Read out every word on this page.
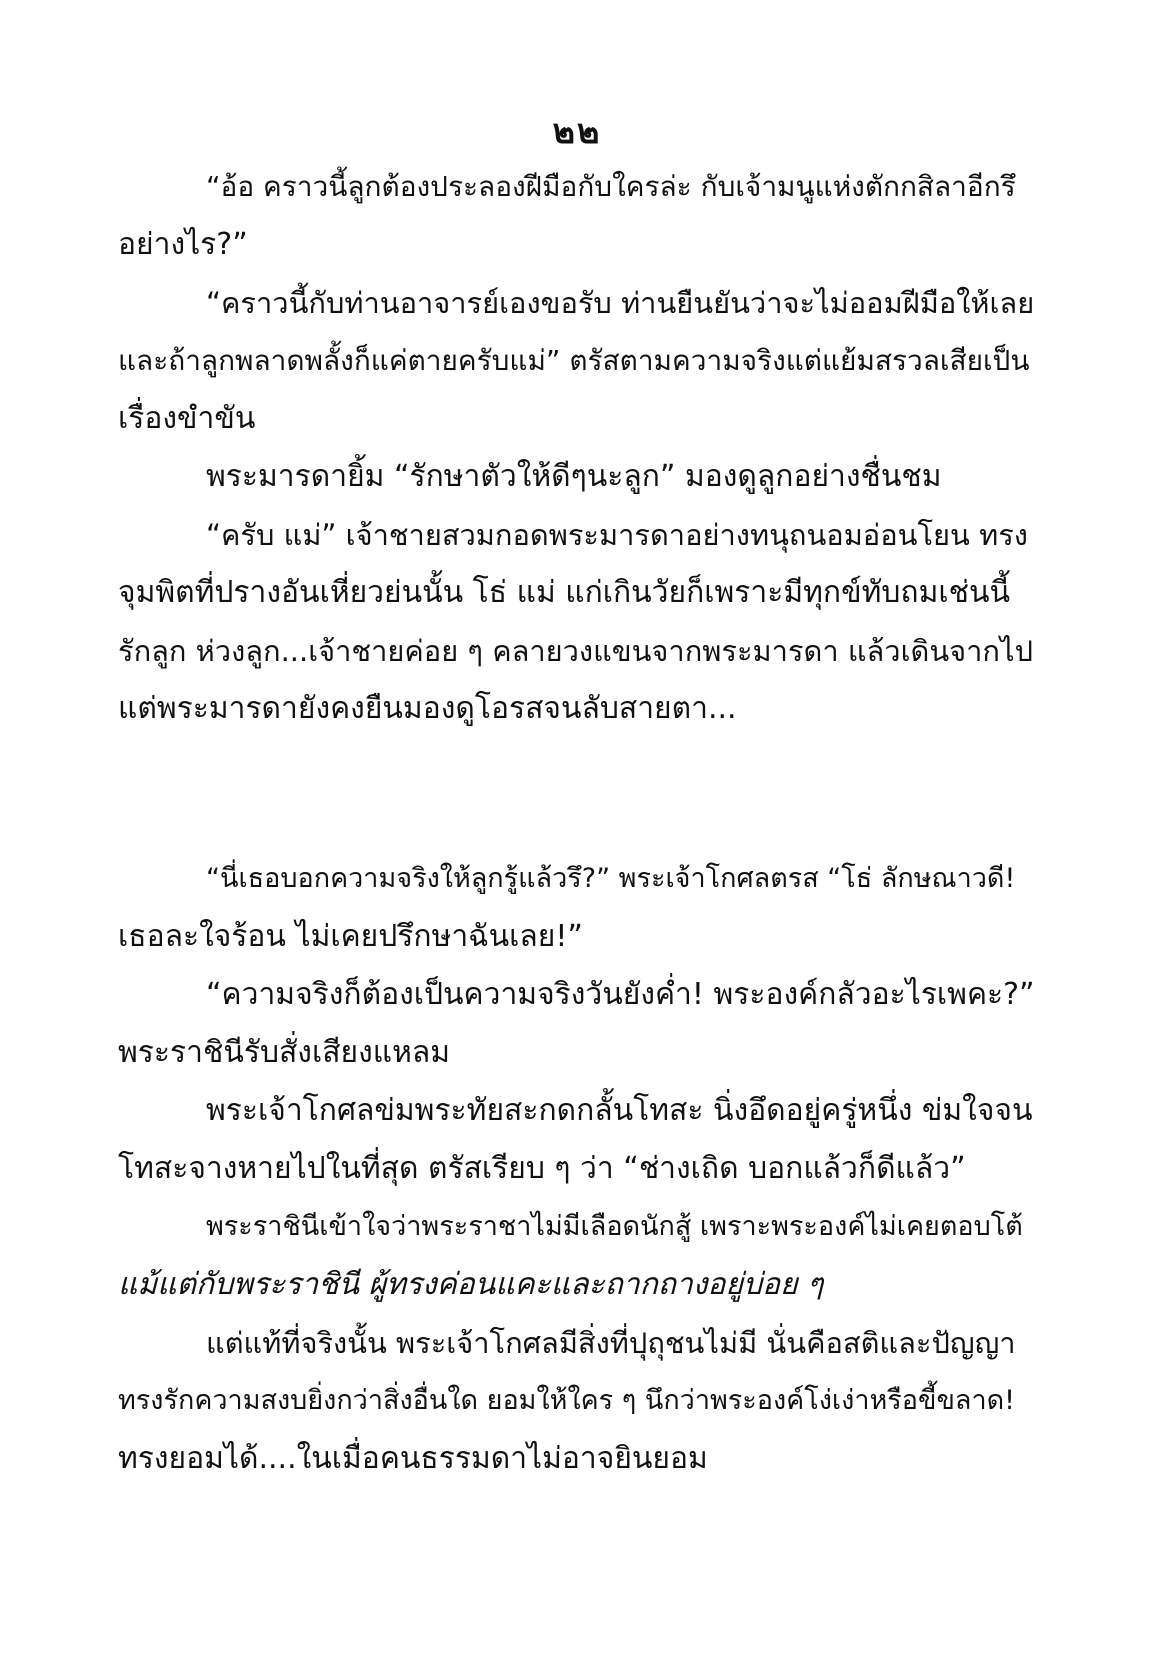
๒๒
“อ้อ คราวนี้ลูกต้องประลองฝีมือกับใครล่ะ กับเจ้ามนูแห่งตักกสิลาอีกรึ
อย่างไร?”
“คราวนี้กับท่านอาจารย์เองขอรับ ท่านยืนยันว่าจะไม่ออมฝีมือให้เลย
และถ้าลูกพลาดพลั้งก็แค่ตายครับแม่” ตรัสตามความจริงแต่แย้มสรวลเสียเป็น
เรื่องขำขัน
พระมารดายิ้ม “รักษาตัวให้ดีๆนะลูก” มองดูลูกอย่างชื่นชม
“ครับ แม่” เจ้าชายสวมกอดพระมารดาอย่างทนุถนอมอ่อนโยน ทรง
จุมพิตที่ปรางอันเหี่ยวย่นนั้น โธ่ แม่ แก่เกินวัยก็เพราะมีทุกข์ทับถมเช่นนี้
รักลูก ห่วงลูก...เจ้าชายค่อย ๆ คลายวงแขนจากพระมารดา แล้วเดินจากไป
แต่พระมารดายังคงยืนมองดูโอรสจนลับสายตา...
“นี่เธอบอกความจริงให้ลูกรู้แล้วรึ?” พระเจ้าโกศลตรส “โธ่ ลักษณาวดี!
เธอละใจร้อน ไม่เคยปรึกษาฉันเลย!”
“ความจริงก็ต้องเป็นความจริงวันยังค่ำ! พระองค์กลัวอะไรเพคะ?”
พระราชินีรับสั่งเสียงแหลม
พระเจ้าโกศลข่มพระทัยสะกดกลั้นโทสะ นิ่งอึดอยู่ครู่หนึ่ง ข่มใจจน
โทสะจางหายไปในที่สุด ตรัสเรียบ ๆ ว่า “ช่างเถิด บอกแล้วก็ดีแล้ว”
พระราชินีเข้าใจว่าพระราชาไม่มีเลือดนักสู้ เพราะพระองค์ไม่เคยตอบโต้
แม้แต่กับพระราชินี ผู้ทรงค่อนแคะและถากถางอยู่บ่อย ๆ
แต่แท้ที่จริงนั้น พระเจ้าโกศลมีสิ่งที่ปุถุชนไม่มี นั่นคือสติและปัญญา
ทรงรักความสงบยิ่งกว่าสิ่งอื่นใด ยอมให้ใคร ๆ นึกว่าพระองค์โง่เง่าหรือขี้ขลาด!
ทรงยอมได้....ในเมื่อคนธรรมดาไม่อาจยินยอม
